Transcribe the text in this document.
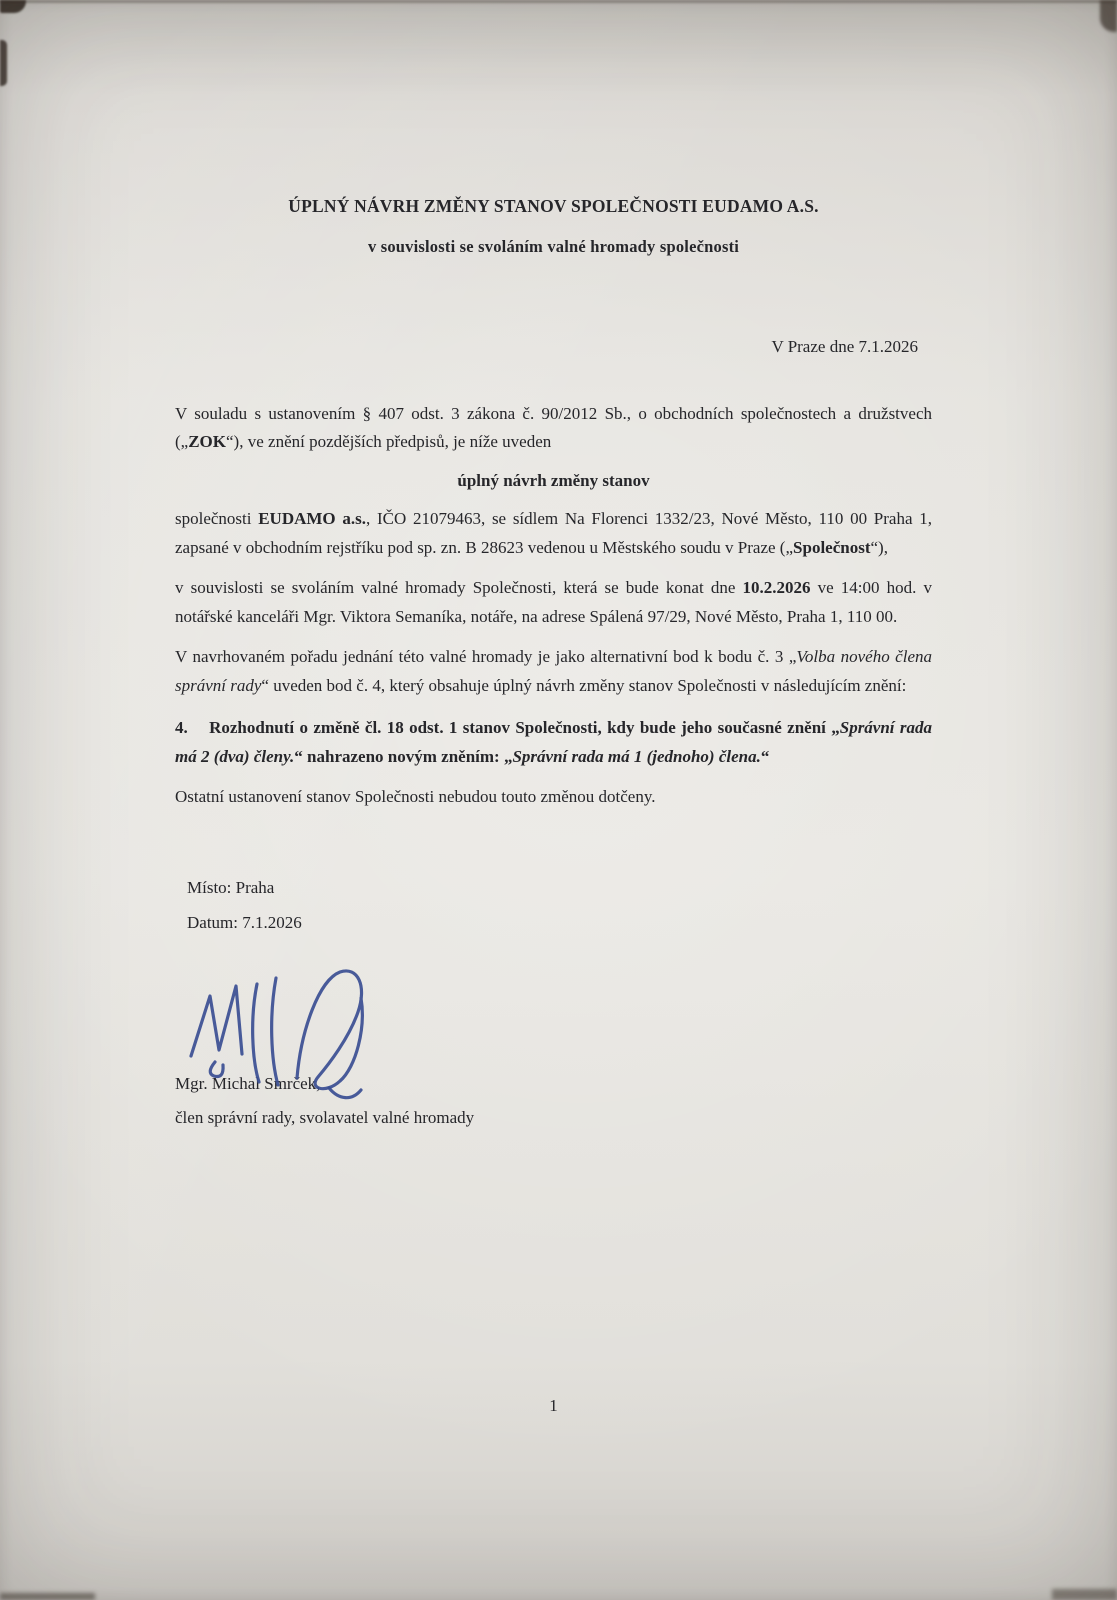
ÚPLNÝ NÁVRH ZMĚNY STANOV SPOLEČNOSTI EUDAMO A.S.

v souvislosti se svoláním valné hromady společnosti

V Praze dne 7.1.2026

V souladu s ustanovením § 407 odst. 3 zákona č. 90/2012 Sb., o obchodních společnostech a družstvech („ZOK“), ve znění pozdějších předpisů, je níže uveden

úplný návrh změny stanov

společnosti EUDAMO a.s., IČO 21079463, se sídlem Na Florenci 1332/23, Nové Město, 110 00 Praha 1, zapsané v obchodním rejstříku pod sp. zn. B 28623 vedenou u Městského soudu v Praze („Společnost“),

v souvislosti se svoláním valné hromady Společnosti, která se bude konat dne 10.2.2026 ve 14:00 hod. v notářské kanceláři Mgr. Viktora Semaníka, notáře, na adrese Spálená 97/29, Nové Město, Praha 1, 110 00.

V navrhovaném pořadu jednání této valné hromady je jako alternativní bod k bodu č. 3 „Volba nového člena správní rady“ uveden bod č. 4, který obsahuje úplný návrh změny stanov Společnosti v následujícím znění:

4.    Rozhodnutí o změně čl. 18 odst. 1 stanov Společnosti, kdy bude jeho současné znění „Správní rada má 2 (dva) členy.“ nahrazeno novým zněním: „Správní rada má 1 (jednoho) člena.“

Ostatní ustanovení stanov Společnosti nebudou touto změnou dotčeny.

Místo: Praha

Datum: 7.1.2026

Mgr. Michal Smrček,

člen správní rady, svolavatel valné hromady

1
